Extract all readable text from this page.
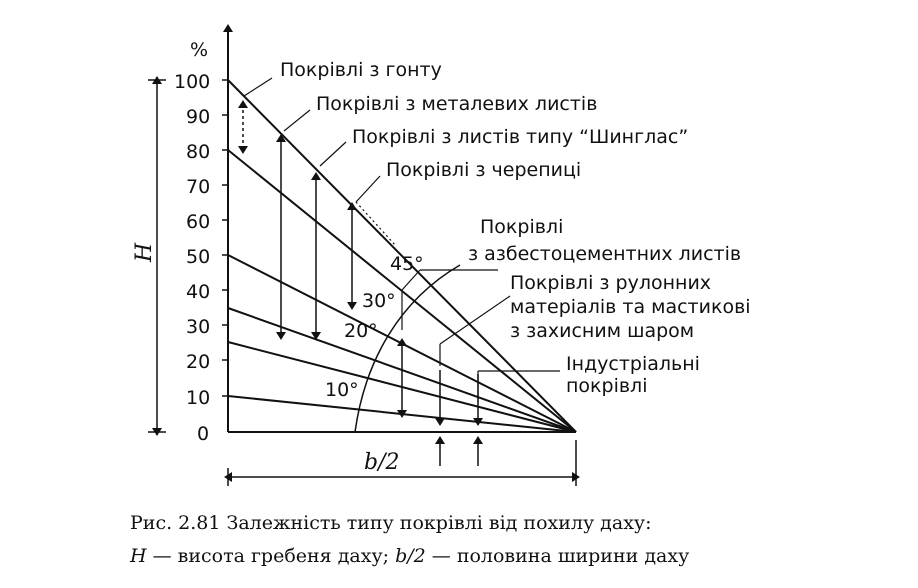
%
100
90
80
70
60
50
40
30
20
10
0
H
b/2
45°
30°
20°
10°
Покрівлі з гонту
Покрівлі з металевих листів
Покрівлі з листів типу “Шинглас”
Покрівлі з черепиці
Покрівлі
з азбестоцементних листів
Покрівлі з рулонних
матеріалів та мастикові
з захисним шаром
Індустріальні
покрівлі
Рис. 2.81 Залежність типу покрівлі від похилу даху:
H — висота гребеня даху; b/2 — половина ширини даху
